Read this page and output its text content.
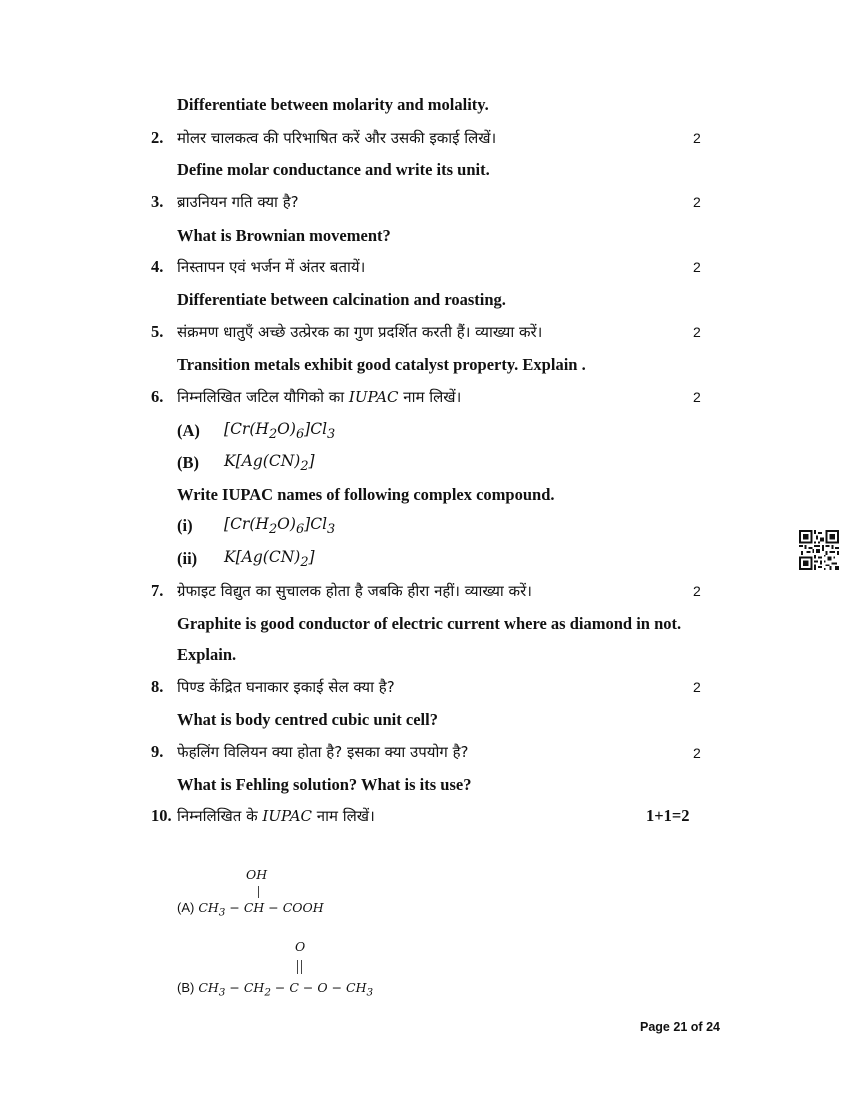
Differentiate between molarity and molality.
2. मोलर चालकत्व की परिभाषित करें और उसकी इकाई लिखें।	2
Define molar conductance and write its unit.
3. ब्राउनियन गति क्या है?	2
What is Brownian movement?
4. निस्तापन एवं भर्जन में अंतर बतायें।	2
Differentiate between calcination and roasting.
5. संक्रमण धातुएँ अच्छे उत्प्रेरक का गुण प्रदर्शित करती हैं। व्याख्या करें।	2
Transition metals exhibit good catalyst property. Explain .
6. निम्नलिखित जटिल यौगिको का IUPAC नाम लिखें।	2
(A) $[Cr(H_2O)_6]Cl_3$
(B) $K[Ag(CN)_2]$
Write IUPAC names of following complex compound.
(i) $[Cr(H_2O)_6]Cl_3$
(ii) $K[Ag(CN)_2]$
7. ग्रेफाइट विद्युत का सुचालक होता है जबकि हीरा नहीं। व्याख्या करें।	2
Graphite is good conductor of electric current where as diamond in not.
Explain.
8. पिण्ड केंद्रित घनाकार इकाई सेल क्या है?	2
What is body centred cubic unit cell?
9. फेहलिंग विलियन क्या होता है? इसका क्या उपयोग है?	2
What is Fehling solution? What is its use?
10. निम्नलिखित के IUPAC नाम लिखें।	1+1=2
OH
(A) $CH_3$ − CH − COOH
O
(B) $CH_3 - CH_2 - C - O - CH_3$
Page 21 of 24
